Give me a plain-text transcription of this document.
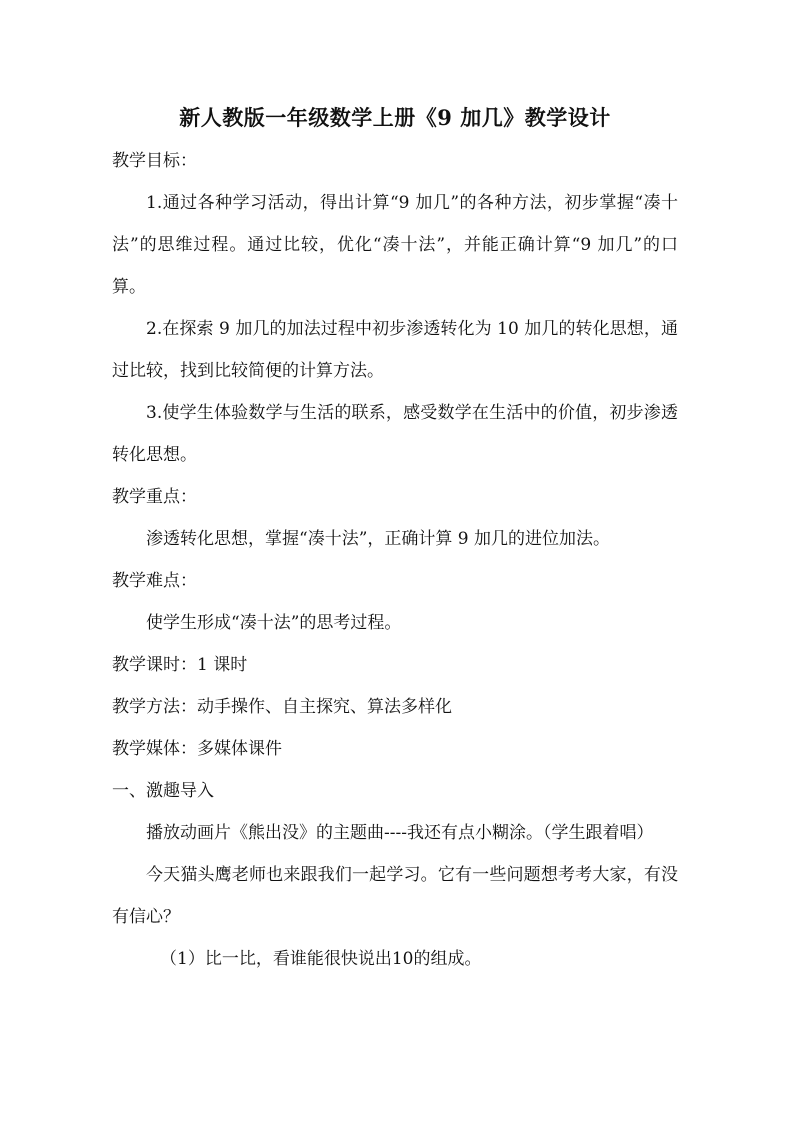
新人教版一年级数学上册《9 加几》教学设计

教学目标：

1.通过各种学习活动，得出计算“9 加几”的各种方法，初步掌握“凑十法”的思维过程。通过比较，优化“凑十法”，并能正确计算“9 加几”的口算。

2.在探索 9 加几的加法过程中初步渗透转化为 10 加几的转化思想，通过比较，找到比较简便的计算方法。

3.使学生体验数学与生活的联系，感受数学在生活中的价值，初步渗透转化思想。

教学重点：

渗透转化思想，掌握“凑十法”，正确计算 9 加几的进位加法。

教学难点：

使学生形成“凑十法”的思考过程。

教学课时：1 课时

教学方法：动手操作、自主探究、算法多样化

教学媒体：多媒体课件

一、激趣导入

播放动画片《熊出没》的主题曲----我还有点小糊涂。（学生跟着唱）

今天猫头鹰老师也来跟我们一起学习。它有一些问题想考考大家，有没有信心？

（1）比一比，看谁能很快说出10的组成。
